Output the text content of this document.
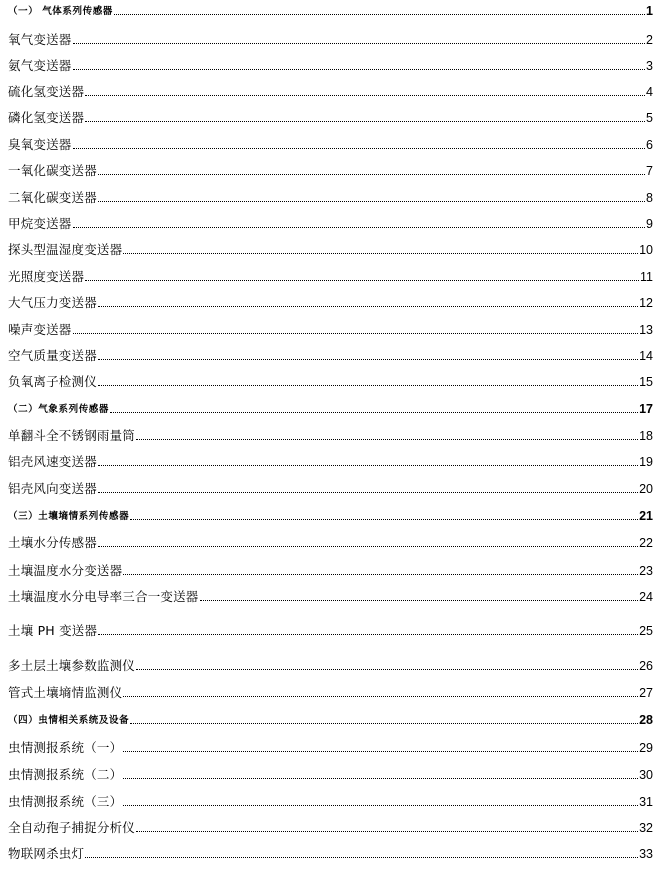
（一） 气体系列传感器	1
氧气变送器	2
氨气变送器	3
硫化氢变送器	4
磷化氢变送器	5
臭氧变送器	6
一氧化碳变送器	7
二氧化碳变送器	8
甲烷变送器	9
探头型温湿度变送器	10
光照度变送器	11
大气压力变送器	12
噪声变送器	13
空气质量变送器	14
负氧离子检测仪	15
（二）气象系列传感器	17
单翻斗全不锈钢雨量筒	18
铝壳风速变送器	19
铝壳风向变送器	20
（三）土壤墒情系列传感器	21
土壤水分传感器	22
土壤温度水分变送器	23
土壤温度水分电导率三合一变送器	24
土壤 PH 变送器	25
多土层土壤参数监测仪	26
管式土壤墒情监测仪	27
（四）虫情相关系统及设备	28
虫情测报系统（一）	29
虫情测报系统（二）	30
虫情测报系统（三）	31
全自动孢子捕捉分析仪	32
物联网杀虫灯	33
